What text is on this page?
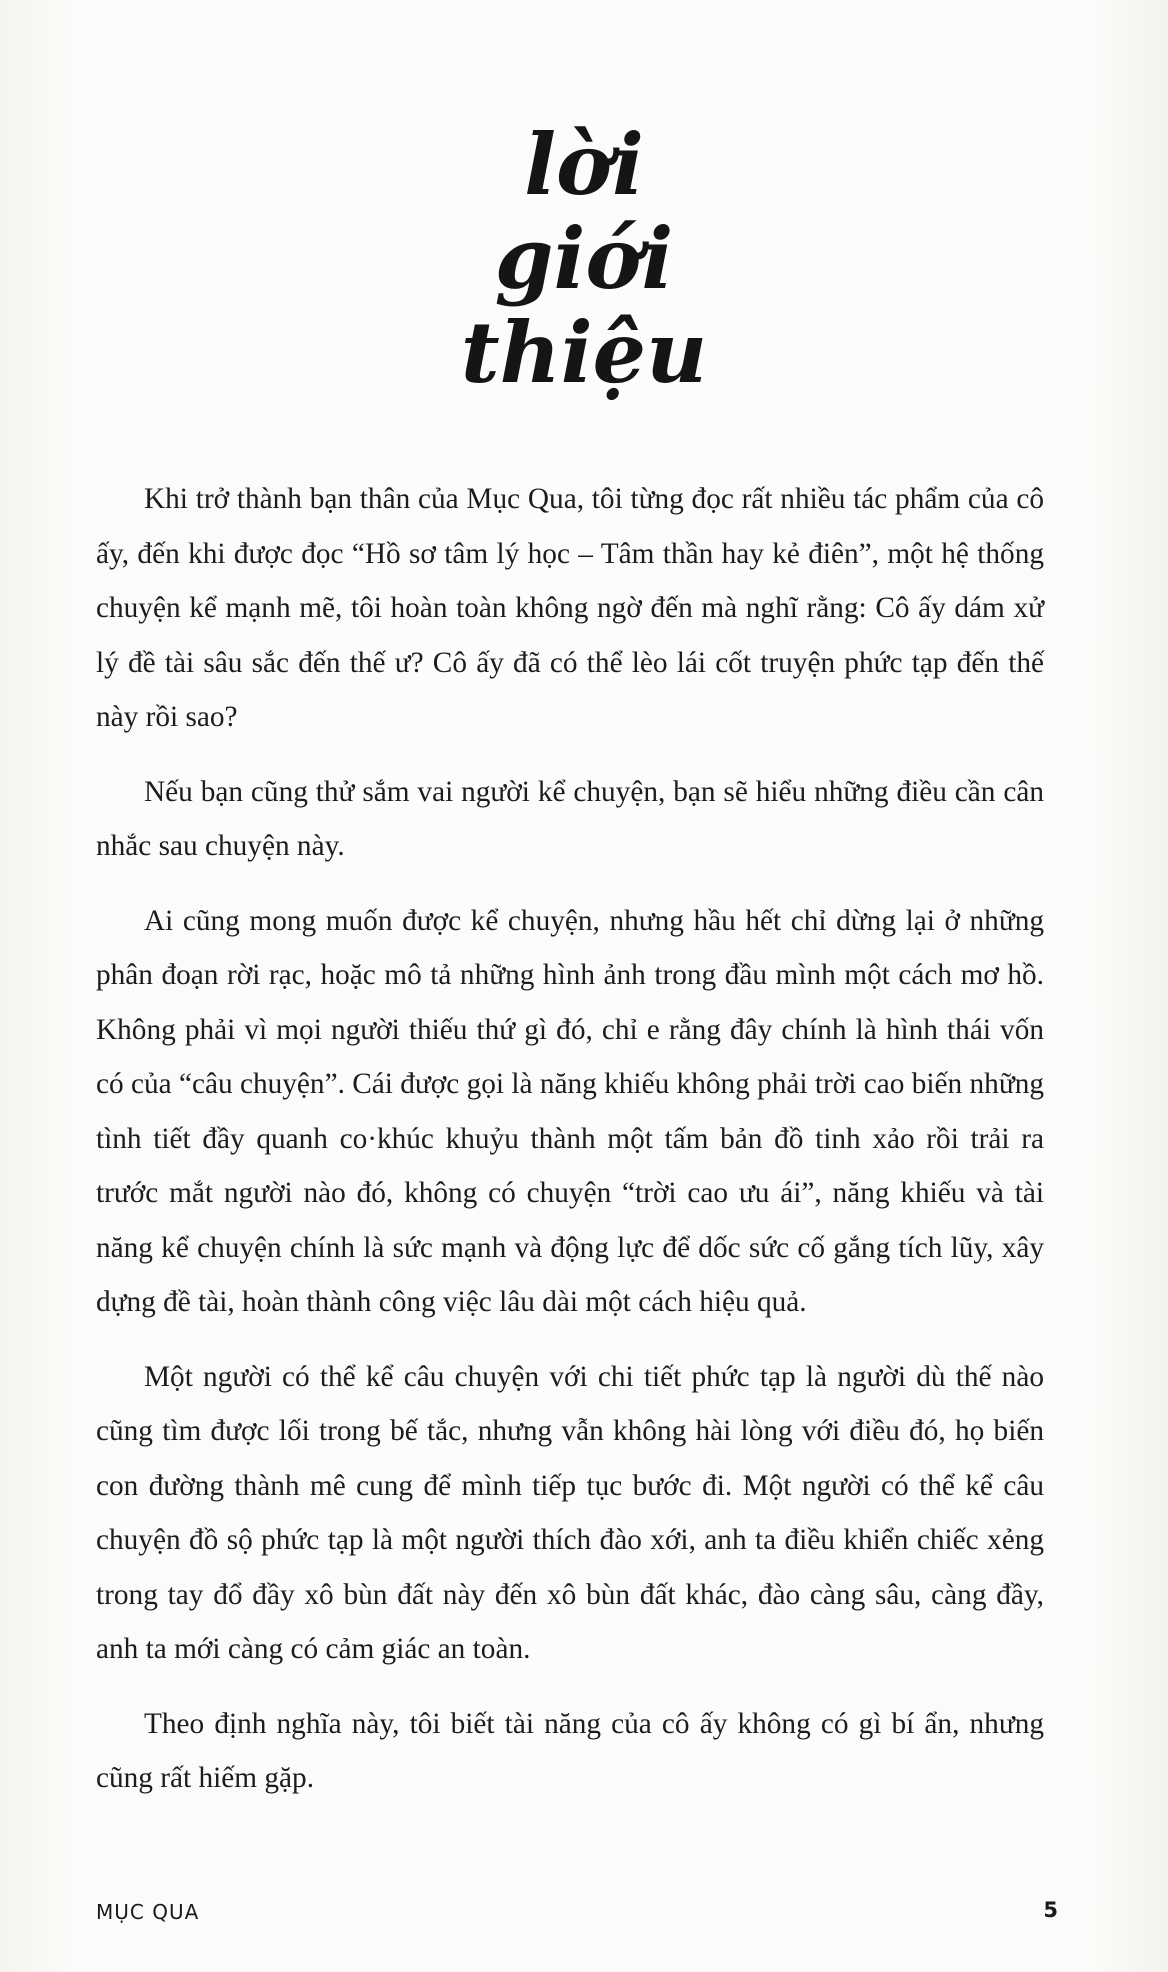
lời
giới
thiệu

Khi trở thành bạn thân của Mục Qua, tôi từng đọc rất nhiều tác phẩm của cô ấy, đến khi được đọc “Hồ sơ tâm lý học – Tâm thần hay kẻ điên”, một hệ thống chuyện kể mạnh mẽ, tôi hoàn toàn không ngờ đến mà nghĩ rằng: Cô ấy dám xử lý đề tài sâu sắc đến thế ư? Cô ấy đã có thể lèo lái cốt truyện phức tạp đến thế này rồi sao?

Nếu bạn cũng thử sắm vai người kể chuyện, bạn sẽ hiểu những điều cần cân nhắc sau chuyện này.

Ai cũng mong muốn được kể chuyện, nhưng hầu hết chỉ dừng lại ở những phân đoạn rời rạc, hoặc mô tả những hình ảnh trong đầu mình một cách mơ hồ. Không phải vì mọi người thiếu thứ gì đó, chỉ e rằng đây chính là hình thái vốn có của “câu chuyện”. Cái được gọi là năng khiếu không phải trời cao biến những tình tiết đầy quanh co·khúc khuỷu thành một tấm bản đồ tinh xảo rồi trải ra trước mắt người nào đó, không có chuyện “trời cao ưu ái”, năng khiếu và tài năng kể chuyện chính là sức mạnh và động lực để dốc sức cố gắng tích lũy, xây dựng đề tài, hoàn thành công việc lâu dài một cách hiệu quả.

Một người có thể kể câu chuyện với chi tiết phức tạp là người dù thế nào cũng tìm được lối trong bế tắc, nhưng vẫn không hài lòng với điều đó, họ biến con đường thành mê cung để mình tiếp tục bước đi. Một người có thể kể câu chuyện đồ sộ phức tạp là một người thích đào xới, anh ta điều khiển chiếc xẻng trong tay đổ đầy xô bùn đất này đến xô bùn đất khác, đào càng sâu, càng đầy, anh ta mới càng có cảm giác an toàn.

Theo định nghĩa này, tôi biết tài năng của cô ấy không có gì bí ẩn, nhưng cũng rất hiếm gặp.

MỤC QUA	5
